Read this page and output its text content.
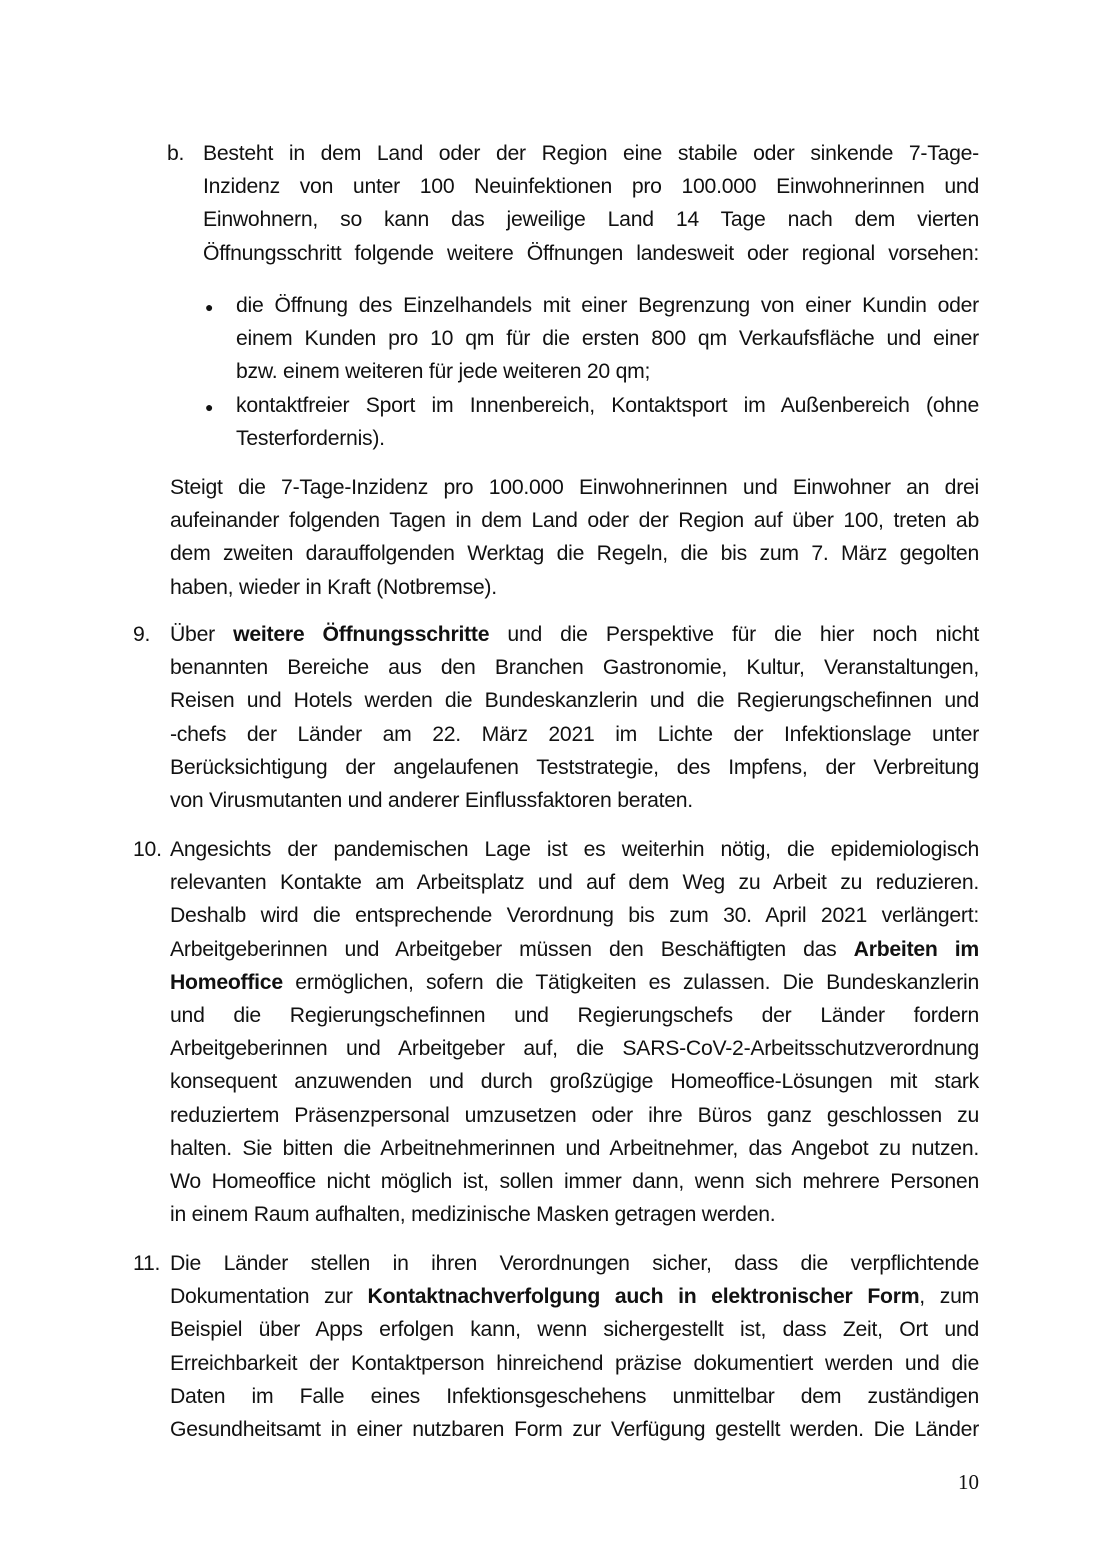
b. Besteht in dem Land oder der Region eine stabile oder sinkende 7-Tage-
Inzidenz von unter 100 Neuinfektionen pro 100.000 Einwohnerinnen und
Einwohnern, so kann das jeweilige Land 14 Tage nach dem vierten
Öffnungsschritt folgende weitere Öffnungen landesweit oder regional vorsehen:
● die Öffnung des Einzelhandels mit einer Begrenzung von einer Kundin oder
einem Kunden pro 10 qm für die ersten 800 qm Verkaufsfläche und einer
bzw. einem weiteren für jede weiteren 20 qm;
● kontaktfreier Sport im Innenbereich, Kontaktsport im Außenbereich (ohne
Testerfordernis).
Steigt die 7-Tage-Inzidenz pro 100.000 Einwohnerinnen und Einwohner an drei
aufeinander folgenden Tagen in dem Land oder der Region auf über 100, treten ab
dem zweiten darauffolgenden Werktag die Regeln, die bis zum 7. März gegolten
haben, wieder in Kraft (Notbremse).
9. Über weitere Öffnungsschritte und die Perspektive für die hier noch nicht
benannten Bereiche aus den Branchen Gastronomie, Kultur, Veranstaltungen,
Reisen und Hotels werden die Bundeskanzlerin und die Regierungschefinnen und
-chefs der Länder am 22. März 2021 im Lichte der Infektionslage unter
Berücksichtigung der angelaufenen Teststrategie, des Impfens, der Verbreitung
von Virusmutanten und anderer Einflussfaktoren beraten.
10. Angesichts der pandemischen Lage ist es weiterhin nötig, die epidemiologisch
relevanten Kontakte am Arbeitsplatz und auf dem Weg zu Arbeit zu reduzieren.
Deshalb wird die entsprechende Verordnung bis zum 30. April 2021 verlängert:
Arbeitgeberinnen und Arbeitgeber müssen den Beschäftigten das Arbeiten im
Homeoffice ermöglichen, sofern die Tätigkeiten es zulassen. Die Bundeskanzlerin
und die Regierungschefinnen und Regierungschefs der Länder fordern
Arbeitgeberinnen und Arbeitgeber auf, die SARS-CoV-2-Arbeitsschutzverordnung
konsequent anzuwenden und durch großzügige Homeoffice-Lösungen mit stark
reduziertem Präsenzpersonal umzusetzen oder ihre Büros ganz geschlossen zu
halten. Sie bitten die Arbeitnehmerinnen und Arbeitnehmer, das Angebot zu nutzen.
Wo Homeoffice nicht möglich ist, sollen immer dann, wenn sich mehrere Personen
in einem Raum aufhalten, medizinische Masken getragen werden.
11. Die Länder stellen in ihren Verordnungen sicher, dass die verpflichtende
Dokumentation zur Kontaktnachverfolgung auch in elektronischer Form, zum
Beispiel über Apps erfolgen kann, wenn sichergestellt ist, dass Zeit, Ort und
Erreichbarkeit der Kontaktperson hinreichend präzise dokumentiert werden und die
Daten im Falle eines Infektionsgeschehens unmittelbar dem zuständigen
Gesundheitsamt in einer nutzbaren Form zur Verfügung gestellt werden. Die Länder
10
